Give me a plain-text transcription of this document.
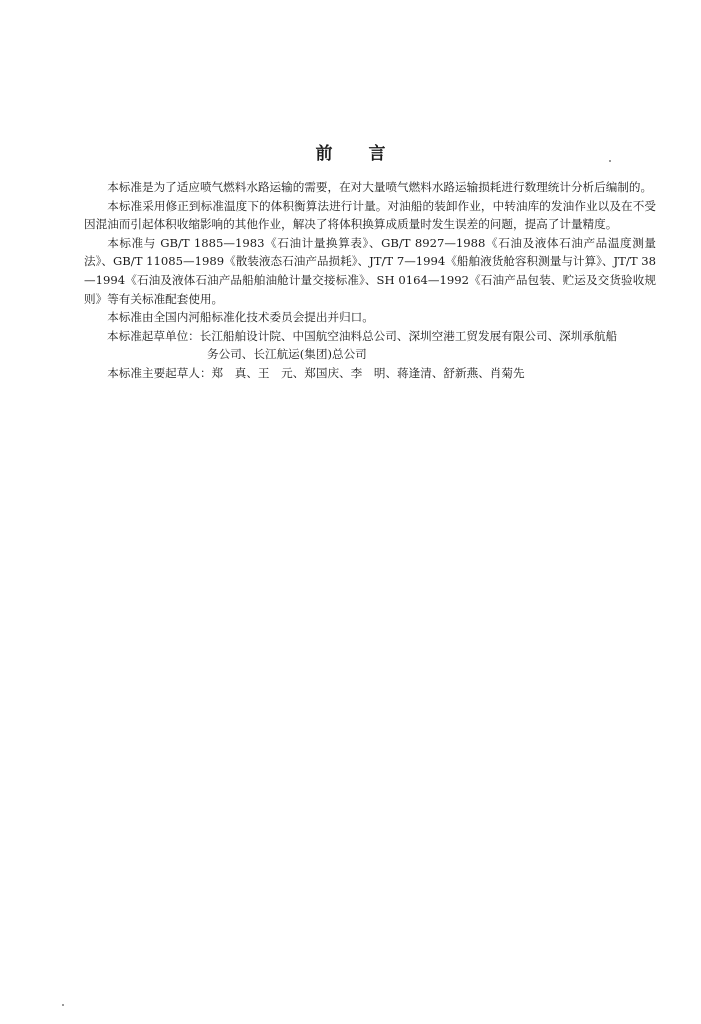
前 言

本标准是为了适应喷气燃料水路运输的需要，在对大量喷气燃料水路运输损耗进行数理统计分析后编制的。

本标准采用修正到标准温度下的体积衡算法进行计量。对油船的装卸作业，中转油库的发油作业以及在不受因混油而引起体积收缩影响的其他作业，解决了将体积换算成质量时发生误差的问题，提高了计量精度。

本标准与 GB/T 1885—1983《石油计量换算表》、GB/T 8927—1988《石油及液体石油产品温度测量法》、GB/T 11085—1989《散装液态石油产品损耗》、JT/T 7—1994《船舶液货舱容积测量与计算》、JT/T 38—1994《石油及液体石油产品船舶油舱计量交接标准》、SH 0164—1992《石油产品包装、贮运及交货验收规则》等有关标准配套使用。

本标准由全国内河船标准化技术委员会提出并归口。

本标准起草单位：长江船舶设计院、中国航空油料总公司、深圳空港工贸发展有限公司、深圳承航船
务公司、长江航运(集团)总公司

本标准主要起草人：郑　真、王　元、郑国庆、李　明、蒋逢清、舒新燕、肖菊先
